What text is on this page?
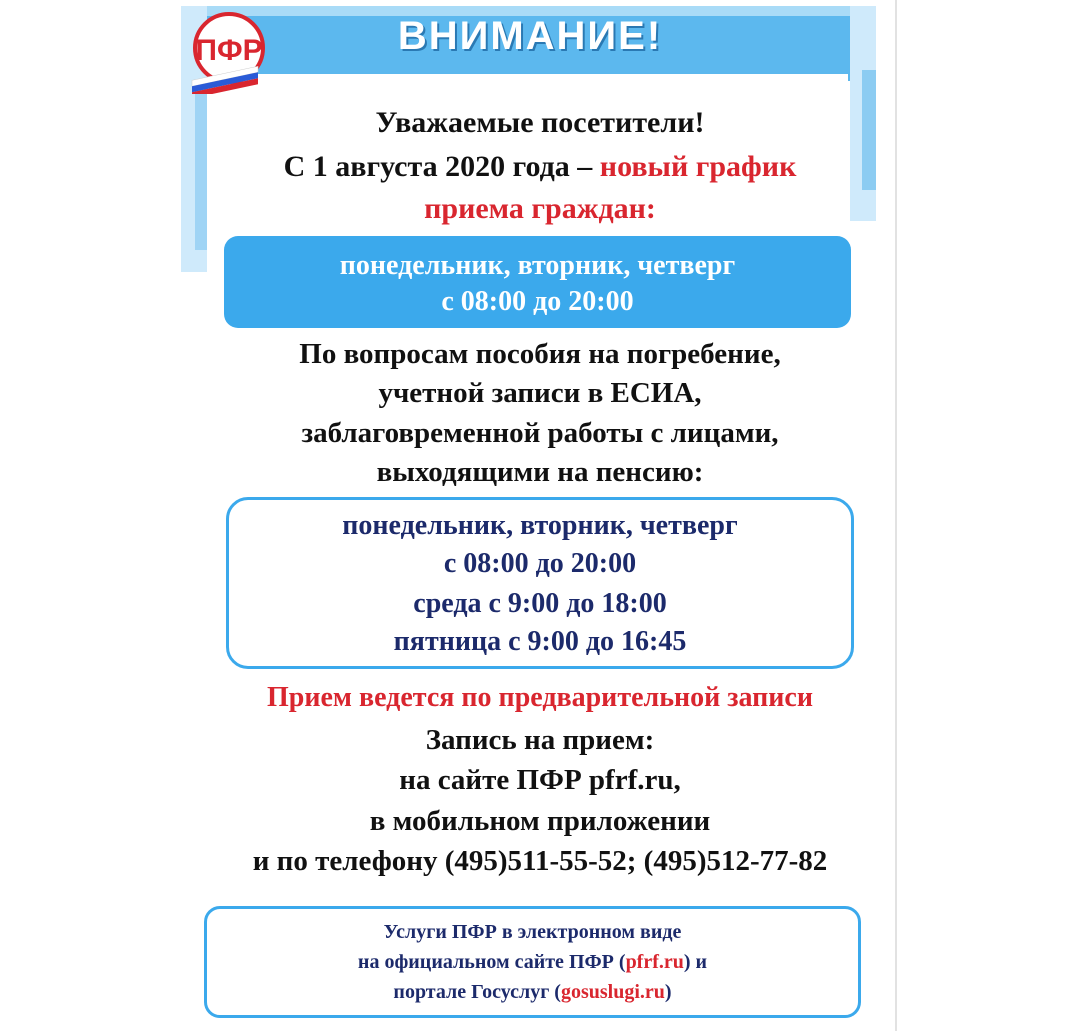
ПФР	ВНИМАНИЕ!
Уважаемые посетители!
С 1 августа 2020 года – новый график
приема граждан:
понедельник, вторник, четверг
с 08:00 до 20:00
По вопросам пособия на погребение,
учетной записи в ЕСИА,
заблаговременной работы с лицами,
выходящими на пенсию:
понедельник, вторник, четверг
с 08:00 до 20:00
среда с 9:00 до 18:00
пятница с 9:00 до 16:45
Прием ведется по предварительной записи
Запись на прием:
на сайте ПФР pfrf.ru,
в мобильном приложении
и по телефону (495)511-55-52; (495)512-77-82
Услуги ПФР в электронном виде
на официальном сайте ПФР (pfrf.ru) и
портале Госуслуг (gosuslugi.ru)
